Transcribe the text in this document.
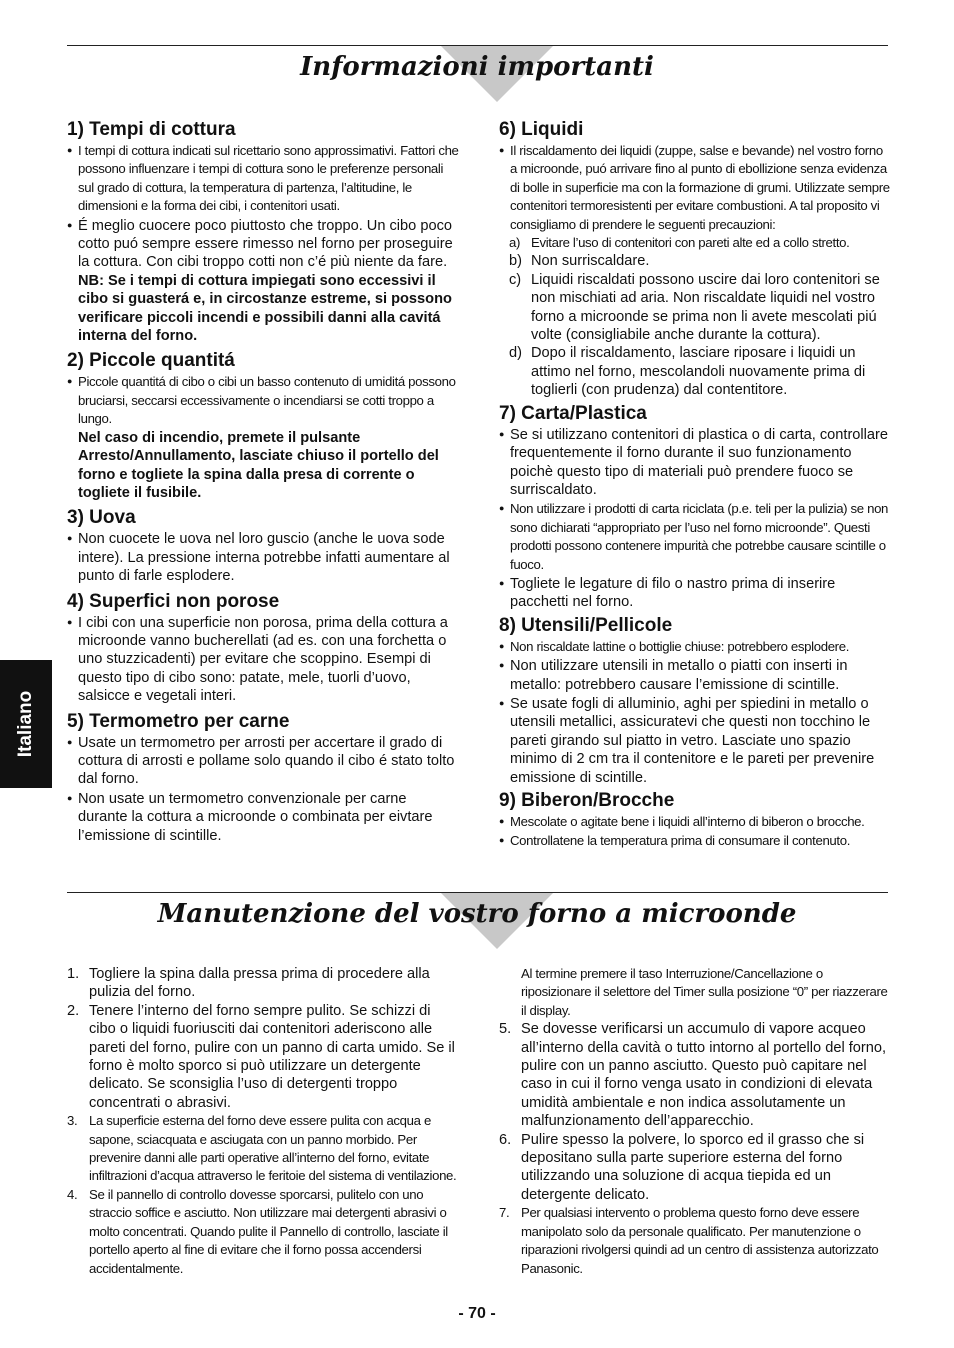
Informazioni importanti
1) Tempi di cottura

● I tempi di cottura indicati sul ricettario sono approssimativi. Fattori che possono influenzare i tempi di cottura sono le preferenze personali sul grado di cottura, la temperatura di partenza, l’altitudine, le dimensioni e la forma dei cibi, i contenitori usati.

● É meglio cuocere poco piuttosto che troppo. Un cibo poco cotto puó sempre essere rimesso nel forno per proseguire la cottura. Con cibi troppo cotti non c’é più niente da fare.

NB: Se i tempi di cottura impiegati sono eccessivi il cibo si guasterá e, in circostanze estreme, si possono verificare piccoli incendi e possibili danni alla cavitá interna del forno.

2) Piccole quantitá

● Piccole quantitá di cibo o cibi un basso contenuto di umiditá possono bruciarsi, seccarsi eccessivamente o incendiarsi se cotti troppo a lungo.

Nel caso di incendio, premete il pulsante Arresto/Annullamento, lasciate chiuso il portello del forno e togliete la spina dalla presa di corrente o togliete il fusibile.

3) Uova

● Non cuocete le uova nel loro guscio (anche le uova sode intere). La pressione interna potrebbe infatti aumentare al punto di farle esplodere.

4) Superfici non porose

● I cibi con una superficie non porosa, prima della cottura a microonde vanno bucherellati (ad es. con una forchetta o uno stuzzicadenti) per evitare che scoppino. Esempi di questo tipo di cibo sono: patate, mele, tuorli d’uovo, salsicce e vegetali interi.

5) Termometro per carne

● Usate un termometro per arrosti per accertare il grado di cottura di arrosti e pollame solo quando il cibo é stato tolto dal forno.

● Non usate un termometro convenzionale per carne durante la cottura a microonde o combinata per eivtare l’emissione di scintille.

6) Liquidi

● Il riscaldamento dei liquidi (zuppe, salse e bevande) nel vostro forno a microonde, puó arrivare fino al punto di ebollizione senza evidenza di bolle in superficie ma con la formazione di grumi. Utilizzate sempre contenitori termoresistenti per evitare combustioni. A tal proposito vi consigliamo di prendere le seguenti precauzioni:

a) Evitare l’uso di contenitori con pareti alte ed a collo stretto.
b) Non surriscaldare.
c) Liquidi riscaldati possono uscire dai loro contenitori se non mischiati ad aria. Non riscaldate liquidi nel vostro forno a microonde se prima non li avete mescolati piú volte (consigliabile anche durante la cottura).
d) Dopo il riscaldamento, lasciare riposare i liquidi un attimo nel forno, mescolandoli nuovamente prima di toglierli (con prudenza) dal contentitore.
7) Carta/Plastica

● Se si utilizzano contenitori di plastica o di carta, controllare frequentemente il forno durante il suo funzionamento poichè questo tipo di materiali può prendere fuoco se surriscaldato.

● Non utilizzare i prodotti di carta riciclata (p.e. teli per la pulizia) se non sono dichiarati “appropriato per l’uso nel forno microonde”. Questi prodotti possono contenere impurità che potrebbe causare scintille o fuoco.

● Togliete le legature di filo o nastro prima di inserire pacchetti nel forno.

8) Utensili/Pellicole

● Non riscaldate lattine o bottiglie chiuse: potrebbero esplodere.

● Non utilizzare utensili in metallo o piatti con inserti in metallo: potrebbero causare l’emissione di scintille.

● Se usate fogli di alluminio, aghi per spiedini in metallo o utensili metallici, assicuratevi che questi non tocchino le pareti girando sul piatto in vetro. Lasciate uno spazio minimo di 2 cm tra il contenitore e le pareti per prevenire emissione di scintille.

9) Biberon/Brocche

● Mescolate o agitate bene i liquidi all’interno di biberon o brocche.

● Controllatene la temperatura prima di consumare il contenuto.

Italiano
Manutenzione del vostro forno a microonde
1. Togliere la spina dalla pressa prima di procedere alla pulizia del forno.
2. Tenere l’interno del forno sempre pulito. Se schizzi di cibo o liquidi fuoriusciti dai contenitori aderiscono alle pareti del forno, pulire con un panno di carta umido. Se il forno è molto sporco si può utilizzare un detergente delicato. Se sconsiglia l’uso di detergenti troppo concentrati o abrasivi.
3. La superficie esterna del forno deve essere pulita con acqua e sapone, sciacquata e asciugata con un panno morbido. Per prevenire danni alle parti operative all’interno del forno, evitate infiltrazioni d’acqua attraverso le feritoie del sistema di ventilazione.
4. Se il pannello di controllo dovesse sporcarsi, pulitelo con uno straccio soffice e asciutto. Non utilizzare mai detergenti abrasivi o molto concentrati. Quando pulite il Pannello di controllo, lasciate il portello aperto al fine di evitare che il forno possa accendersi accidentalmente.
Al termine premere il taso Interruzione/Cancellazione o riposizionare il selettore del Timer sulla posizione “0” per riazzerare il display.
5. Se dovesse verificarsi un accumulo di vapore acqueo all’interno della cavità o tutto intorno al portello del forno, pulire con un panno asciutto. Questo può capitare nel caso in cui il forno venga usato in condizioni di elevata umidità ambientale e non indica assolutamente un malfunzionamento dell’apparecchio.
6. Pulire spesso la polvere, lo sporco ed il grasso che si depositano sulla parte superiore esterna del forno utilizzando una soluzione di acqua tiepida ed un detergente delicato.
7. Per qualsiasi intervento o problema questo forno deve essere manipolato solo da personale qualificato. Per manutenzione o riparazioni rivolgersi quindi ad un centro di assistenza autorizzato Panasonic.
- 70 -
